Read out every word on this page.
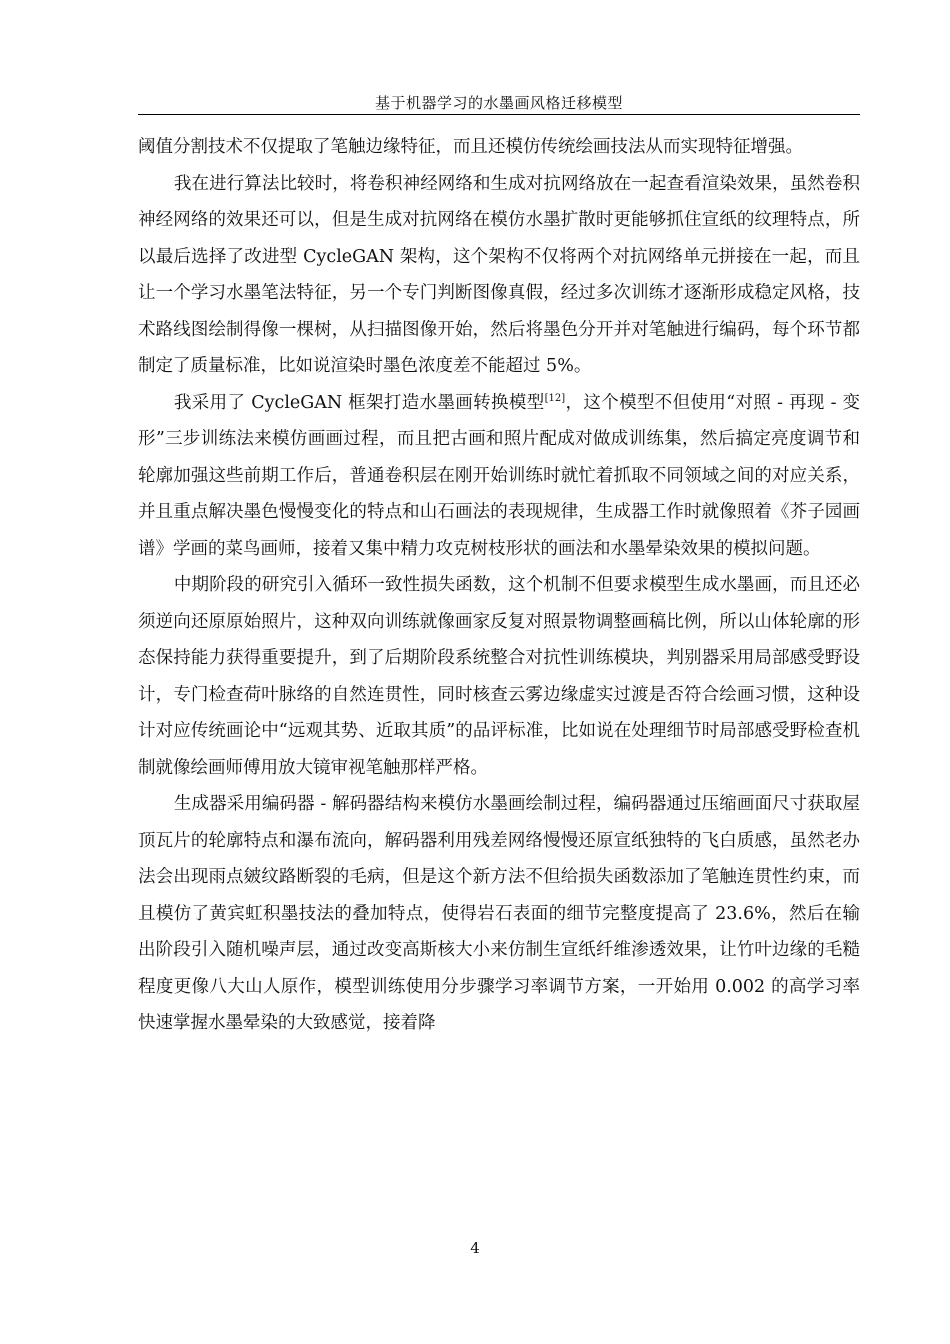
基于机器学习的水墨画风格迁移模型

阈值分割技术不仅提取了笔触边缘特征，而且还模仿传统绘画技法从而实现特征增强。

我在进行算法比较时，将卷积神经网络和生成对抗网络放在一起查看渲染效果，虽然卷积神经网络的效果还可以，但是生成对抗网络在模仿水墨扩散时更能够抓住宣纸的纹理特点，所以最后选择了改进型 CycleGAN 架构，这个架构不仅将两个对抗网络单元拼接在一起，而且让一个学习水墨笔法特征，另一个专门判断图像真假，经过多次训练才逐渐形成稳定风格，技术路线图绘制得像一棵树，从扫描图像开始，然后将墨色分开并对笔触进行编码，每个环节都制定了质量标准，比如说渲染时墨色浓度差不能超过 5%。

我采用了 CycleGAN 框架打造水墨画转换模型[12]，这个模型不但使用“对照 - 再现 - 变形”三步训练法来模仿画画过程，而且把古画和照片配成对做成训练集，然后搞定亮度调节和轮廓加强这些前期工作后，普通卷积层在刚开始训练时就忙着抓取不同领域之间的对应关系，并且重点解决墨色慢慢变化的特点和山石画法的表现规律，生成器工作时就像照着《芥子园画谱》学画的菜鸟画师，接着又集中精力攻克树枝形状的画法和水墨晕染效果的模拟问题。

中期阶段的研究引入循环一致性损失函数，这个机制不但要求模型生成水墨画，而且还必须逆向还原原始照片，这种双向训练就像画家反复对照景物调整画稿比例，所以山体轮廓的形态保持能力获得重要提升，到了后期阶段系统整合对抗性训练模块，判别器采用局部感受野设计，专门检查荷叶脉络的自然连贯性，同时核查云雾边缘虚实过渡是否符合绘画习惯，这种设计对应传统画论中“远观其势、近取其质”的品评标准，比如说在处理细节时局部感受野检查机制就像绘画师傅用放大镜审视笔触那样严格。

生成器采用编码器 - 解码器结构来模仿水墨画绘制过程，编码器通过压缩画面尺寸获取屋顶瓦片的轮廓特点和瀑布流向，解码器利用残差网络慢慢还原宣纸独特的飞白质感，虽然老办法会出现雨点皴纹路断裂的毛病，但是这个新方法不但给损失函数添加了笔触连贯性约束，而且模仿了黄宾虹积墨技法的叠加特点，使得岩石表面的细节完整度提高了 23.6%，然后在输出阶段引入随机噪声层，通过改变高斯核大小来仿制生宣纸纤维渗透效果，让竹叶边缘的毛糙程度更像八大山人原作，模型训练使用分步骤学习率调节方案，一开始用 0.002 的高学习率快速掌握水墨晕染的大致感觉，接着降

4
